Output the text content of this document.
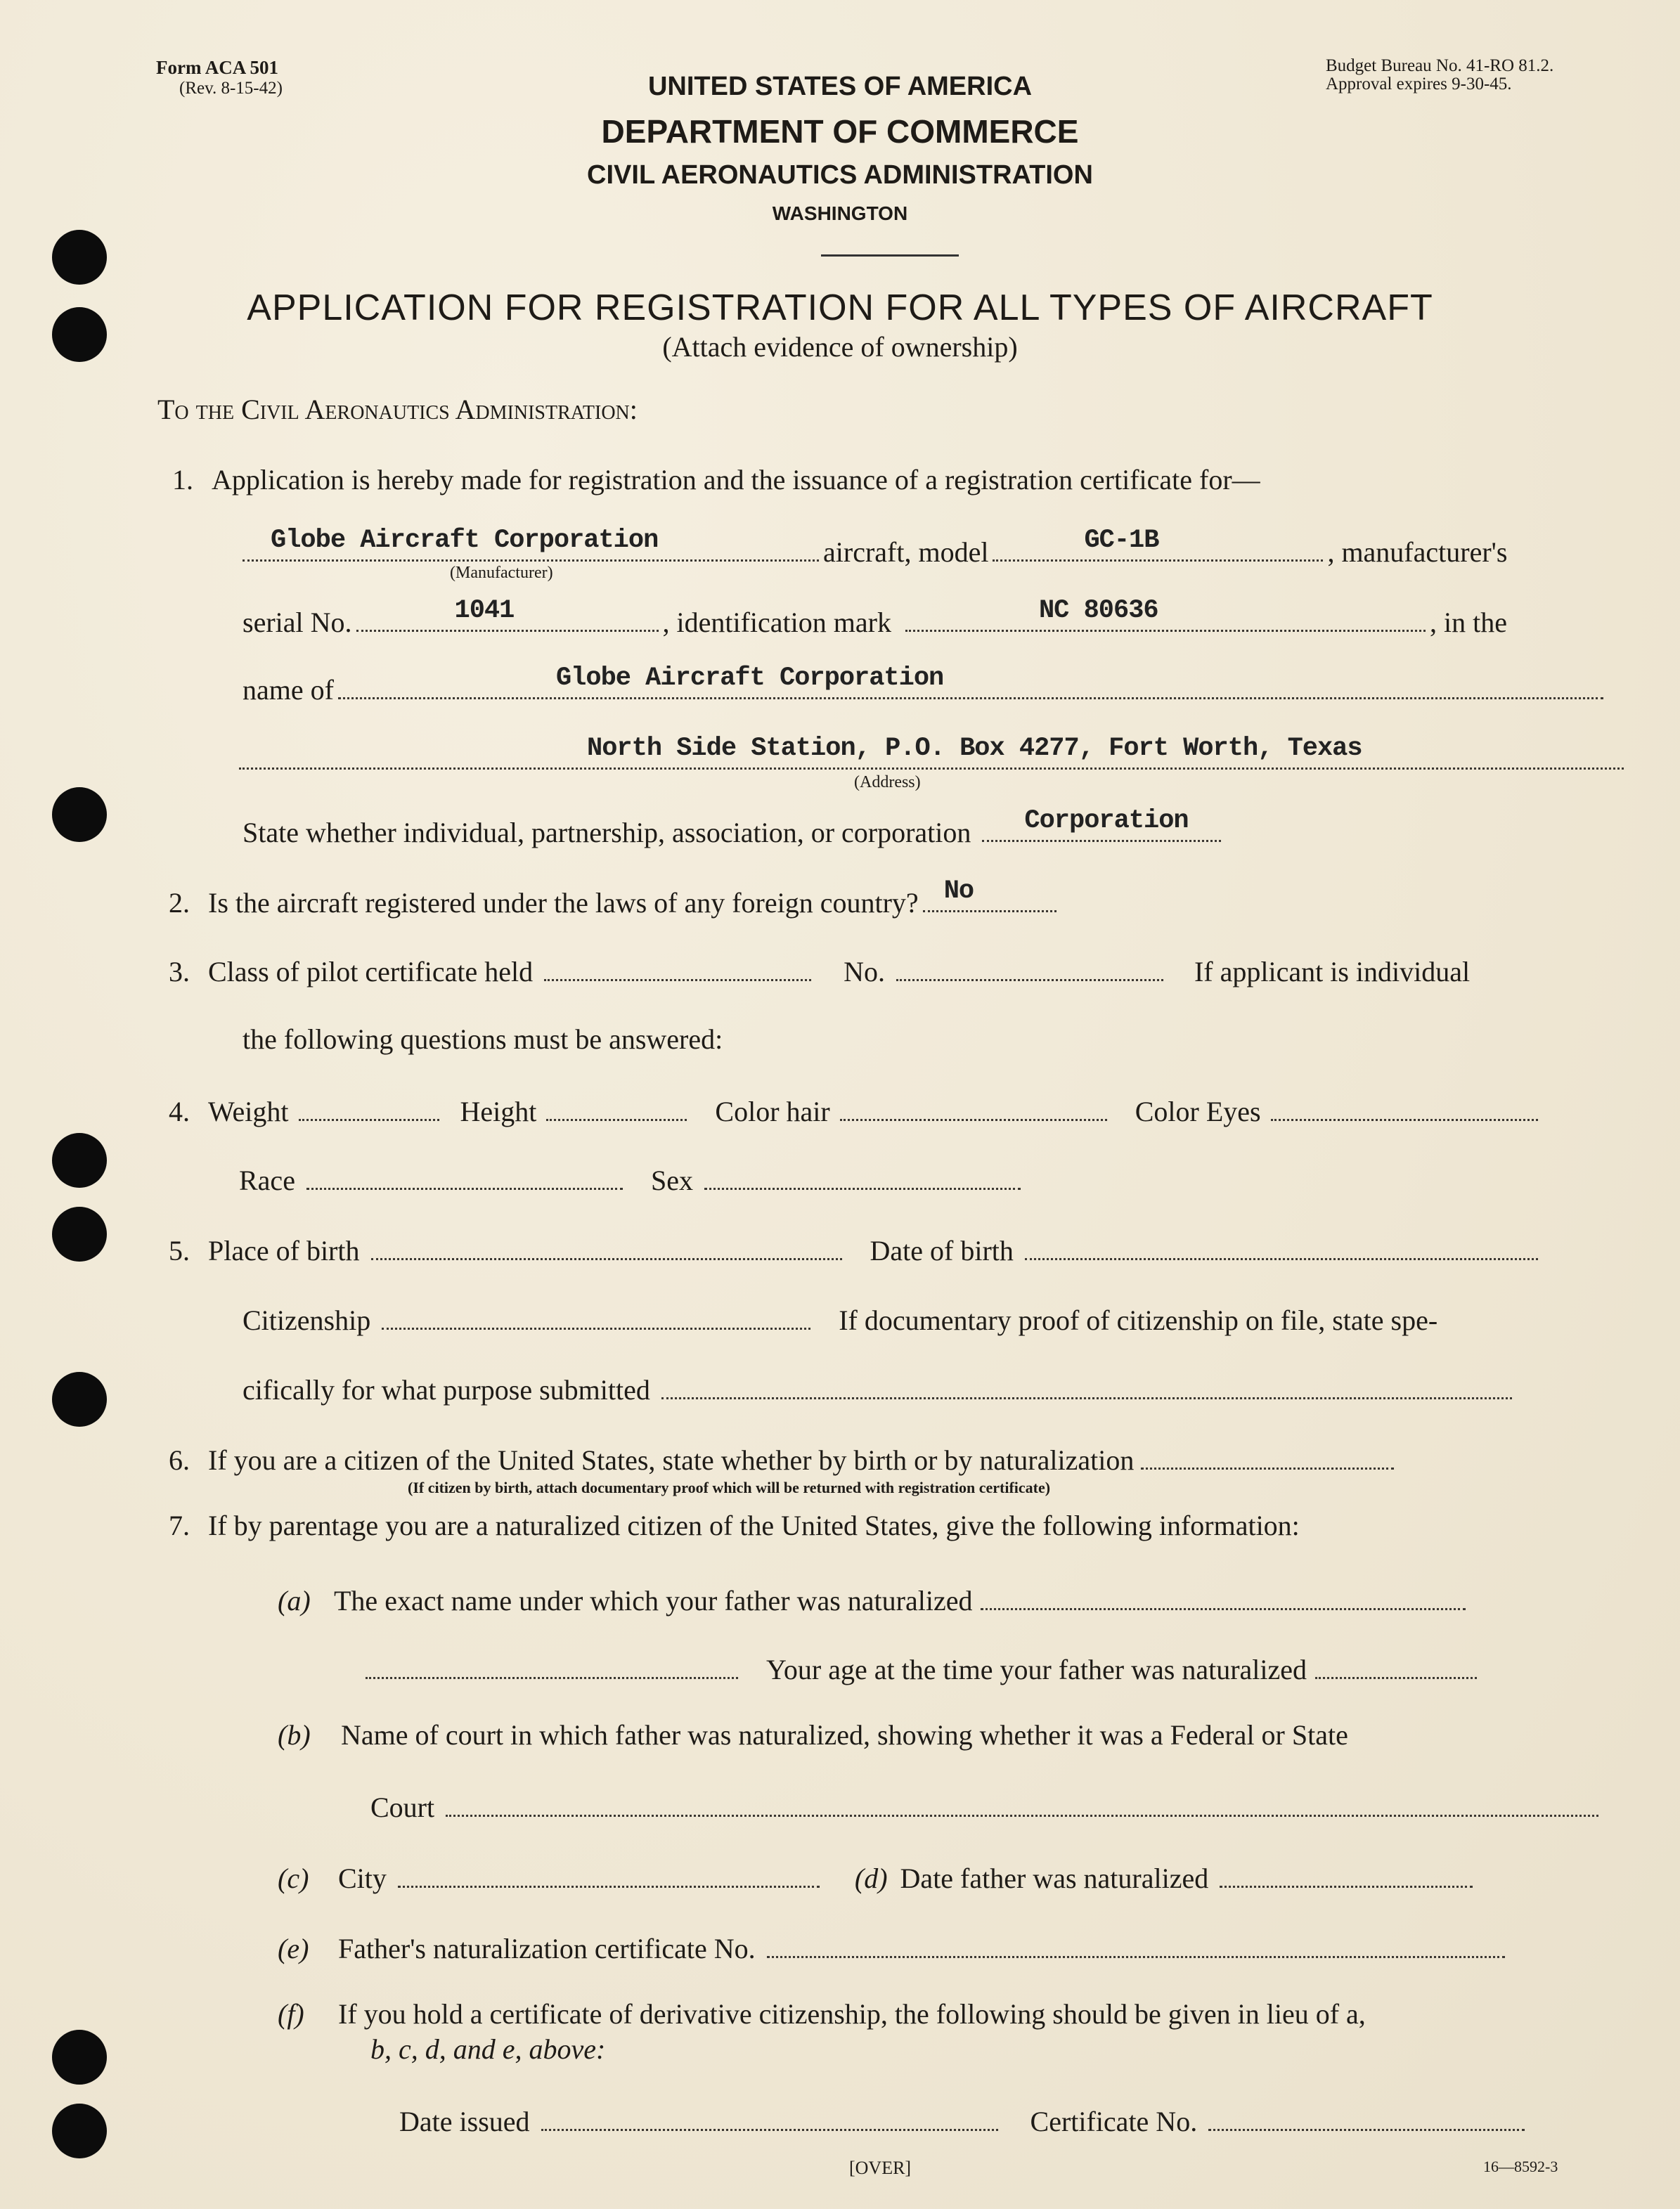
Form ACA 501
(Rev. 8-15-42)
Budget Bureau No. 41-RO 81.2.
Approval expires 9-30-45.
UNITED STATES OF AMERICA
DEPARTMENT OF COMMERCE
CIVIL AERONAUTICS ADMINISTRATION
WASHINGTON
APPLICATION FOR REGISTRATION FOR ALL TYPES OF AIRCRAFT
(Attach evidence of ownership)
To the Civil Aeronautics Administration:
1. Application is hereby made for registration and the issuance of a registration certificate for—
Globe Aircraft Corporation	aircraft, model	GC-1B	, manufacturer's
(Manufacturer)
serial No.	1041	, identification mark	NC 80636	, in the
name of	Globe Aircraft Corporation
North Side Station, P.O. Box 4277, Fort Worth, Texas
(Address)
State whether individual, partnership, association, or corporation Corporation
2. Is the aircraft registered under the laws of any foreign country? No
3. Class of pilot certificate held	No.	If applicant is individual
the following questions must be answered:
4. Weight	Height	Color hair	Color Eyes
Race	Sex
5. Place of birth	Date of birth
Citizenship	If documentary proof of citizenship on file, state spe-
cifically for what purpose submitted
6. If you are a citizen of the United States, state whether by birth or by naturalization
(If citizen by birth, attach documentary proof which will be returned with registration certificate)
7. If by parentage you are a naturalized citizen of the United States, give the following information:
(a) The exact name under which your father was naturalized
Your age at the time your father was naturalized
(b)	Name of court in which father was naturalized, showing whether it was a Federal or State
Court
(c)	City	(d) Date father was naturalized
(e)	Father's naturalization certificate No.
(f)	If you hold a certificate of derivative citizenship, the following should be given in lieu of a,
b, c, d, and e, above:
Date issued	Certificate No.
[OVER]	16—8592-3
